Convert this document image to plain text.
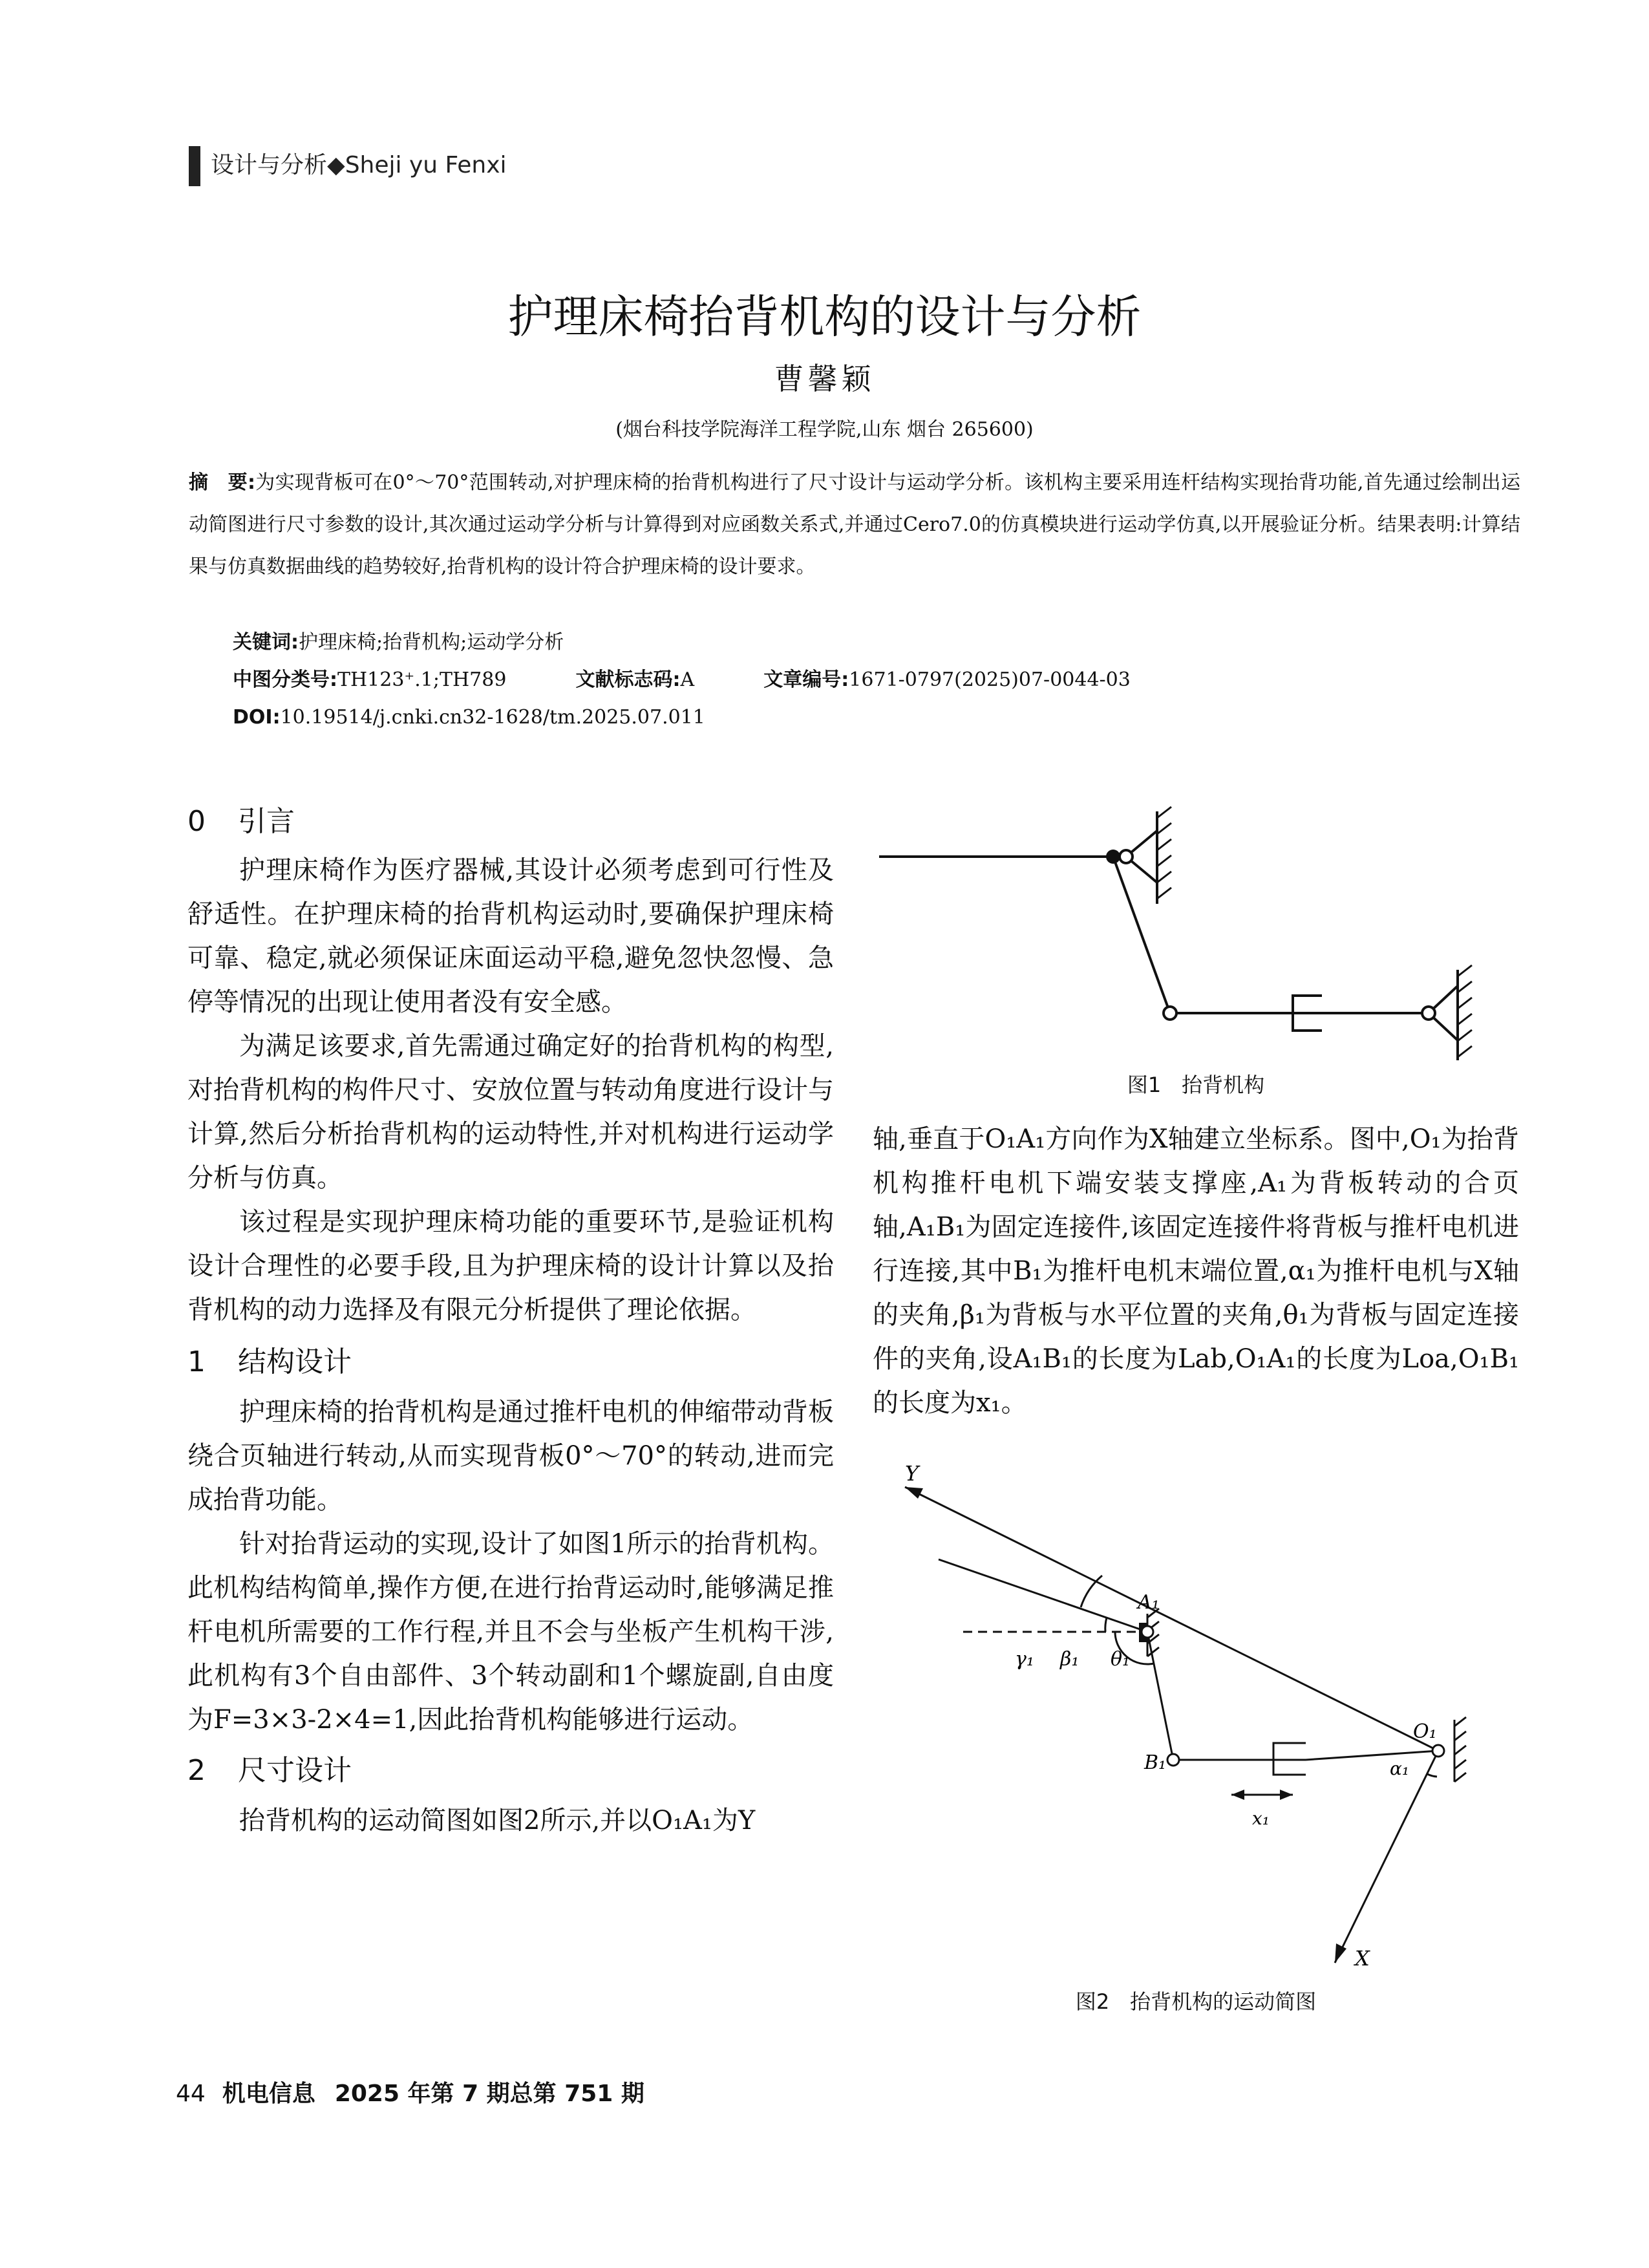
设计与分析◆Sheji yu Fenxi
护理床椅抬背机构的设计与分析
曹馨颖
(烟台科技学院海洋工程学院,山东 烟台 265600)
摘　要:为实现背板可在0°～70°范围转动,对护理床椅的抬背机构进行了尺寸设计与运动学分析。该机构主要采用连杆结构实现抬背功能,首先通过绘制出运动简图进行尺寸参数的设计,其次通过运动学分析与计算得到对应函数关系式,并通过Cero7.0的仿真模块进行运动学仿真,以开展验证分析。结果表明:计算结果与仿真数据曲线的趋势较好,抬背机构的设计符合护理床椅的设计要求。
关键词:护理床椅;抬背机构;运动学分析
中图分类号:TH123⁺.1;TH789	文献标志码:A	文章编号:1671-0797(2025)07-0044-03
DOI:10.19514/j.cnki.cn32-1628/tm.2025.07.011
0 引言

护理床椅作为医疗器械,其设计必须考虑到可行性及舒适性。在护理床椅的抬背机构运动时,要确保护理床椅可靠、稳定,就必须保证床面运动平稳,避免忽快忽慢、急停等情况的出现让使用者没有安全感。

为满足该要求,首先需通过确定好的抬背机构的构型,对抬背机构的构件尺寸、安放位置与转动角度进行设计与计算,然后分析抬背机构的运动特性,并对机构进行运动学分析与仿真。

该过程是实现护理床椅功能的重要环节,是验证机构设计合理性的必要手段,且为护理床椅的设计计算以及抬背机构的动力选择及有限元分析提供了理论依据。

1 结构设计

护理床椅的抬背机构是通过推杆电机的伸缩带动背板绕合页轴进行转动,从而实现背板0°～70°的转动,进而完成抬背功能。

针对抬背运动的实现,设计了如图1所示的抬背机构。此机构结构简单,操作方便,在进行抬背运动时,能够满足推杆电机所需要的工作行程,并且不会与坐板产生机构干涉,此机构有3个自由部件、3个转动副和1个螺旋副,自由度为F=3×3-2×4=1,因此抬背机构能够进行运动。

2 尺寸设计

抬背机构的运动简图如图2所示,并以O₁A₁为Y

图1　抬背机构

轴,垂直于O₁A₁方向作为X轴建立坐标系。图中,O₁为抬背机构推杆电机下端安装支撑座,A₁为背板转动的合页轴,A₁B₁为固定连接件,该固定连接件将背板与推杆电机进行连接,其中B₁为推杆电机末端位置,α₁为推杆电机与X轴的夹角,β₁为背板与水平位置的夹角,θ₁为背板与固定连接件的夹角,设A₁B₁的长度为Lab,O₁A₁的长度为Loa,O₁B₁的长度为x₁。

Y
X
A₁
O₁
B₁
γ₁ β₁ θ₁
α₁
x₁
图2　抬背机构的运动简图
44 机电信息 2025 年第 7 期总第 751 期
